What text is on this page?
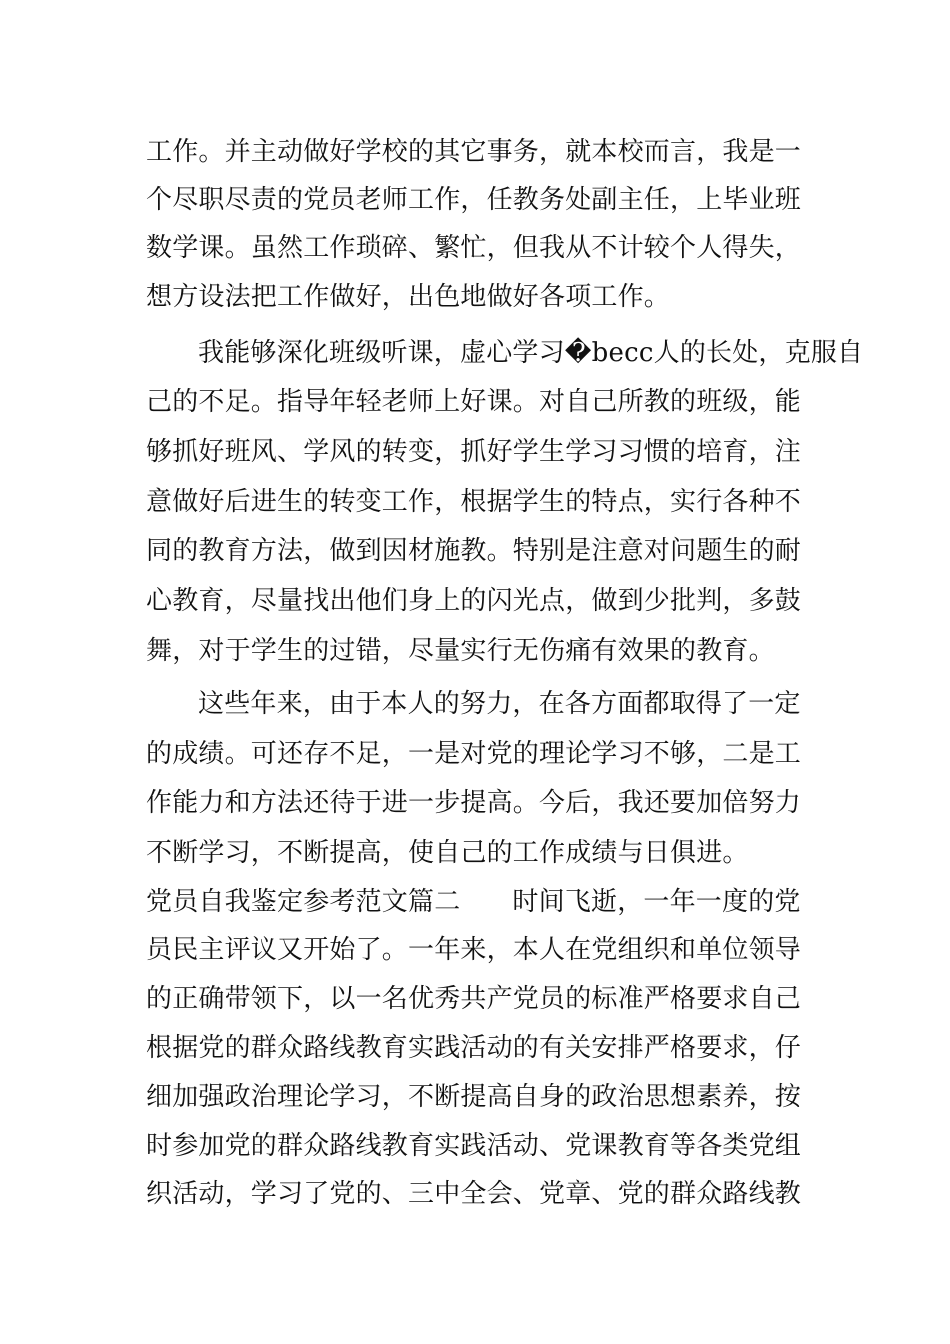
工作。并主动做好学校的其它事务，就本校而言，我是一
个尽职尽责的党员老师工作，任教务处副主任，上毕业班
数学课。虽然工作琐碎、繁忙，但我从不计较个人得失，
想方设法把工作做好，出色地做好各项工作。
我能够深化班级听课，虚心学习�becc人的长处，克服自
己的不足。指导年轻老师上好课。对自己所教的班级，能
够抓好班风、学风的转变，抓好学生学习习惯的培育，注
意做好后进生的转变工作，根据学生的特点，实行各种不
同的教育方法，做到因材施教。特别是注意对问题生的耐
心教育，尽量找出他们身上的闪光点，做到少批判，多鼓
舞，对于学生的过错，尽量实行无伤痛有效果的教育。
这些年来，由于本人的努力，在各方面都取得了一定
的成绩。可还存不足，一是对党的理论学习不够，二是工
作能力和方法还待于进一步提高。今后，我还要加倍努力
不断学习，不断提高，使自己的工作成绩与日俱进。
党员自我鉴定参考范文篇二 时间飞逝，一年一度的党
员民主评议又开始了。一年来，本人在党组织和单位领导
的正确带领下，以一名优秀共产党员的标准严格要求自己
根据党的群众路线教育实践活动的有关安排严格要求，仔
细加强政治理论学习，不断提高自身的政治思想素养，按
时参加党的群众路线教育实践活动、党课教育等各类党组
织活动，学习了党的、三中全会、党章、党的群众路线教
